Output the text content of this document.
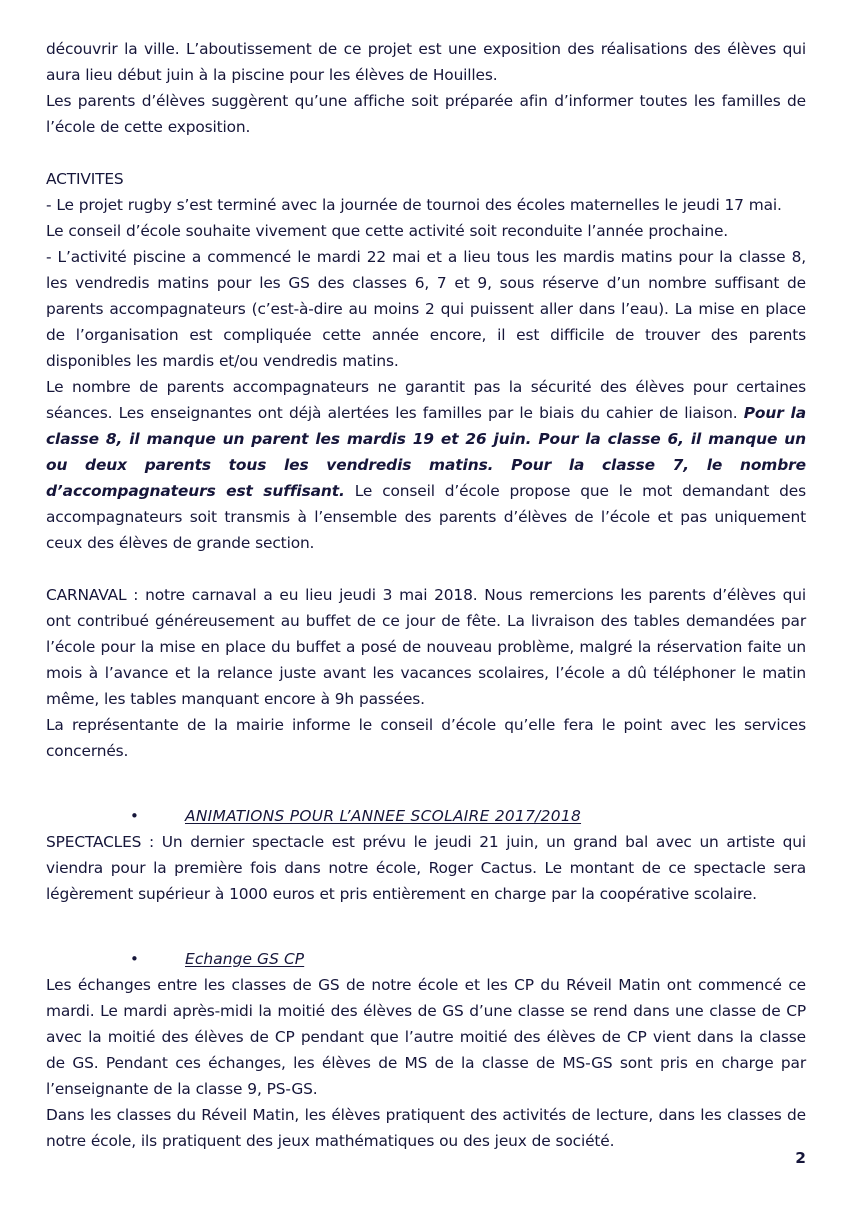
découvrir la ville. L’aboutissement de ce projet est une exposition des réalisations des élèves qui aura lieu début juin à la piscine pour les élèves de Houilles.

Les parents d’élèves suggèrent qu’une affiche soit préparée afin d’informer toutes les familles de l’école de cette exposition.

ACTIVITES

- Le projet rugby s’est terminé avec la journée de tournoi des écoles maternelles le jeudi 17 mai.

Le conseil d’école souhaite vivement que cette activité soit reconduite l’année prochaine.

- L’activité piscine a commencé le mardi 22 mai et a lieu tous les mardis matins pour la classe 8, les vendredis matins pour les GS des classes 6, 7 et 9, sous réserve d’un nombre suffisant de parents accompagnateurs (c’est-à-dire au moins 2 qui puissent aller dans l’eau). La mise en place de l’organisation est compliquée cette année encore, il est difficile de trouver des parents disponibles les mardis et/ou vendredis matins.

Le nombre de parents accompagnateurs ne garantit pas la sécurité des élèves pour certaines séances. Les enseignantes ont déjà alertées les familles par le biais du cahier de liaison. Pour la classe 8, il manque un parent les mardis 19 et 26 juin. Pour la classe 6, il manque un ou deux parents tous les vendredis matins. Pour la classe 7, le nombre d’accompagnateurs est suffisant. Le conseil d’école propose que le mot demandant des accompagnateurs soit transmis à l’ensemble des parents d’élèves de l’école et pas uniquement ceux des élèves de grande section.

CARNAVAL : notre carnaval a eu lieu jeudi 3 mai 2018. Nous remercions les parents d’élèves qui ont contribué généreusement au buffet de ce jour de fête. La livraison des tables demandées par l’école pour la mise en place du buffet a posé de nouveau problème, malgré la réservation faite un mois à l’avance et la relance juste avant les vacances scolaires, l’école a dû téléphoner le matin même, les tables manquant encore à 9h passées.

La représentante de la mairie informe le conseil d’école qu’elle fera le point avec les services concernés.

•
ANIMATIONS POUR L’ANNEE SCOLAIRE 2017/2018

SPECTACLES : Un dernier spectacle est prévu le jeudi 21 juin, un grand bal avec un artiste qui viendra pour la première fois dans notre école, Roger Cactus. Le montant de ce spectacle sera légèrement supérieur à 1000 euros et pris entièrement en charge par la coopérative scolaire.

•
Echange GS CP

Les échanges entre les classes de GS de notre école et les CP du Réveil Matin ont commencé ce mardi. Le mardi après-midi la moitié des élèves de GS d’une classe se rend dans une classe de CP avec la moitié des élèves de CP pendant que l’autre moitié des élèves de CP vient dans la classe de GS. Pendant ces échanges, les élèves de MS de la classe de MS-GS sont pris en charge par l’enseignante de la classe 9, PS-GS.

Dans les classes du Réveil Matin, les élèves pratiquent des activités de lecture, dans les classes de notre école, ils pratiquent des jeux mathématiques ou des jeux de société.

2
